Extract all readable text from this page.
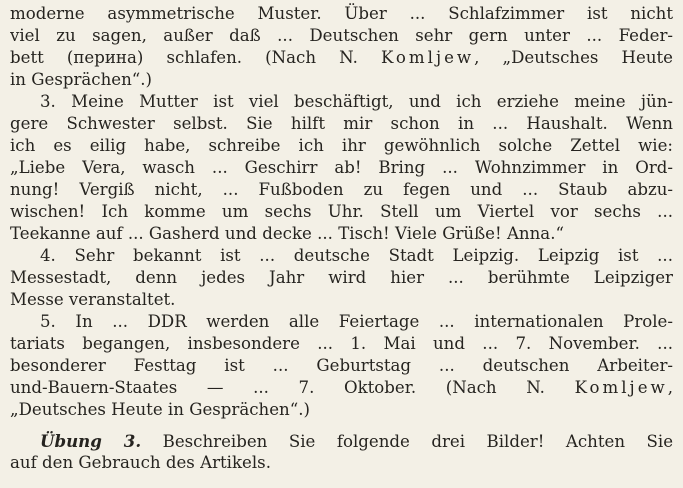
moderne asymmetrische Muster. Über ... Schlafzimmer ist nicht
viel zu sagen, außer daß ... Deutschen sehr gern unter ... Feder-
bett (перина) schlafen. (Nach N. Komljew, „Deutsches Heute
in Gesprächen“.)
3. Meine Mutter ist viel beschäftigt, und ich erziehe meine jün-
gere Schwester selbst. Sie hilft mir schon in ... Haushalt. Wenn
ich es eilig habe, schreibe ich ihr gewöhnlich solche Zettel wie:
„Liebe Vera, wasch ... Geschirr ab! Bring ... Wohnzimmer in Ord-
nung! Vergiß nicht, ... Fußboden zu fegen und ... Staub abzu-
wischen! Ich komme um sechs Uhr. Stell um Viertel vor sechs ...
Teekanne auf ... Gasherd und decke ... Tisch! Viele Grüße! Anna.“
4. Sehr bekannt ist ... deutsche Stadt Leipzig. Leipzig ist ...
Messestadt, denn jedes Jahr wird hier ... berühmte Leipziger
Messe veranstaltet.
5. In ... DDR werden alle Feiertage ... internationalen Prole-
tariats begangen, insbesondere ... 1. Mai und ... 7. November. ...
besonderer Festtag ist ... Geburtstag ... deutschen Arbeiter-
und-Bauern-Staates — ... 7. Oktober. (Nach N. Komljew,
„Deutsches Heute in Gesprächen“.)
Übung 3. Beschreiben Sie folgende drei Bilder! Achten Sie
auf den Gebrauch des Artikels.
